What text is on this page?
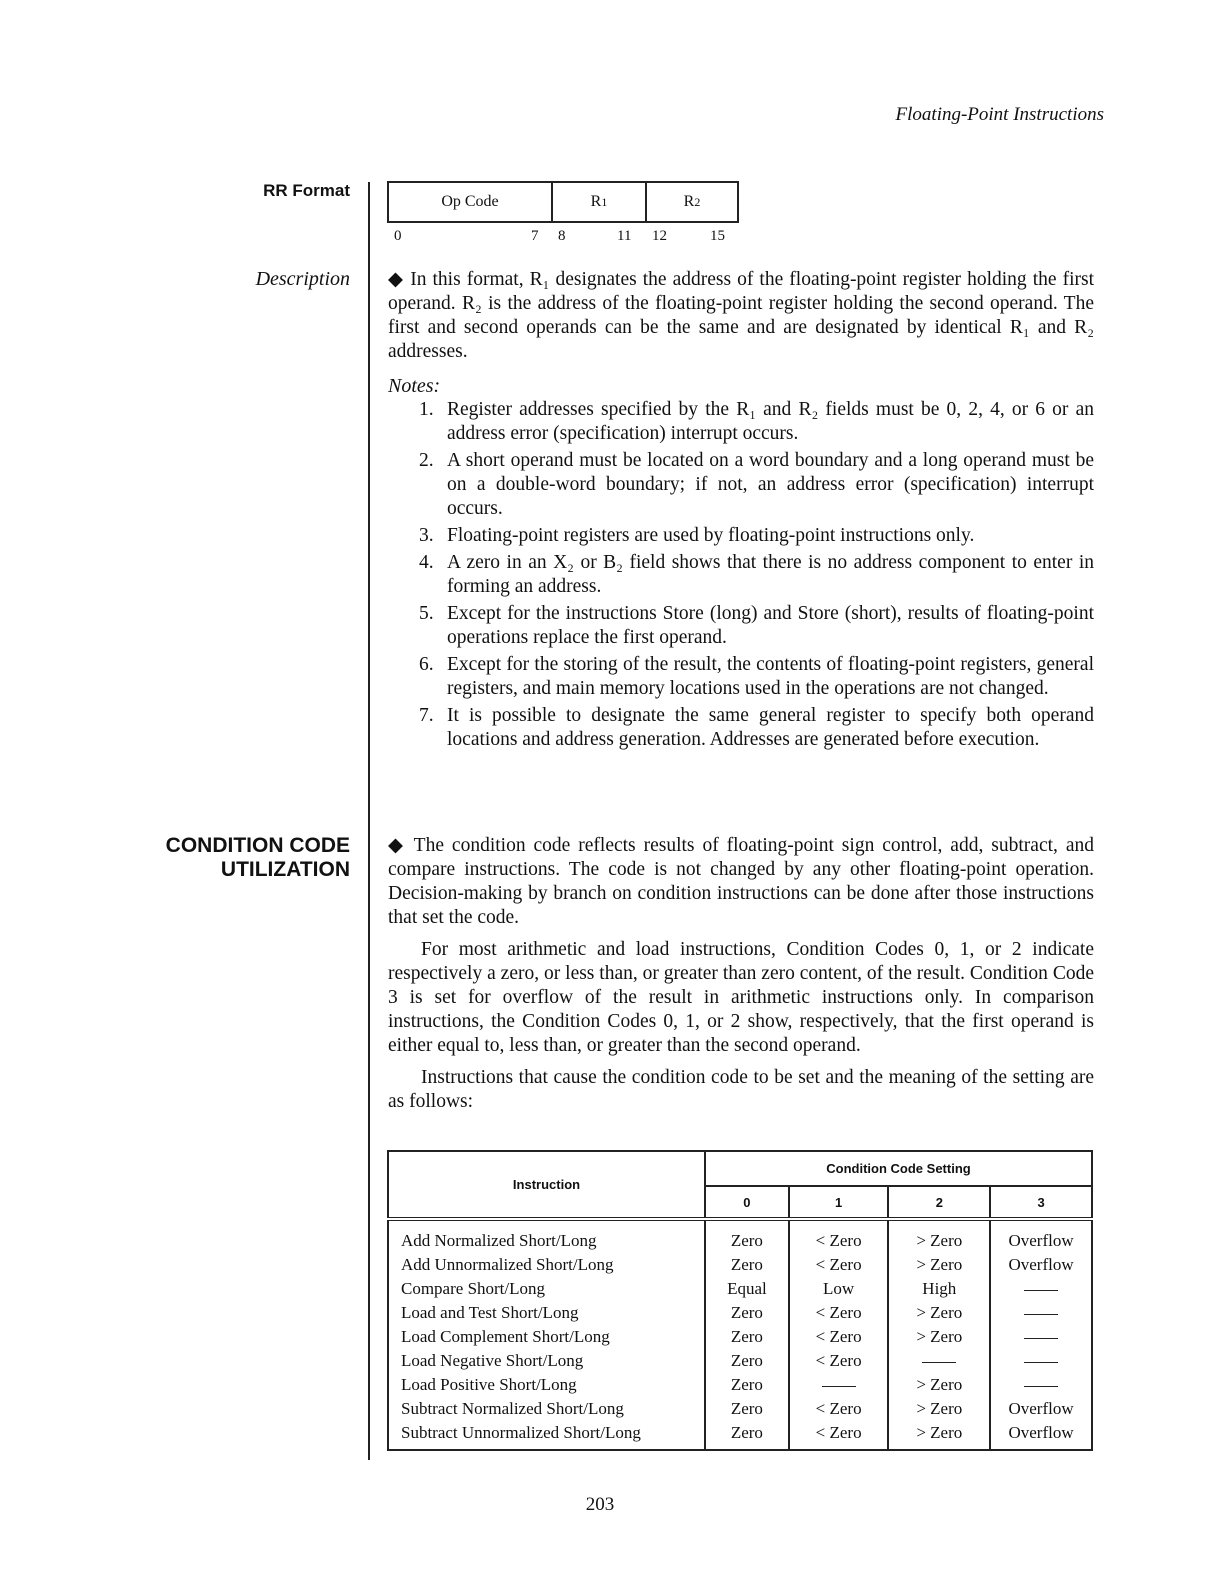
Floating-Point Instructions
RR Format
Description
CONDITION CODE
UTILIZATION
Op Code	R 1	R 2
0	7 8	11 12	15

◆ In this format, R₁ designates the address of the floating-point register holding the first operand. R₂ is the address of the floating-point register holding the second operand. The first and second operands can be the same and are designated by identical R₁ and R₂ addresses.

Notes:

1. Register addresses specified by the R₁ and R₂ fields must be 0, 2, 4, or 6 or an address error (specification) interrupt occurs.
2. A short operand must be located on a word boundary and a long operand must be on a double-word boundary; if not, an address error (specification) interrupt occurs.
3. Floating-point registers are used by floating-point instructions only.
4. A zero in an X₂ or B₂ field shows that there is no address component to enter in forming an address.
5. Except for the instructions Store (long) and Store (short), results of floating-point operations replace the first operand.
6. Except for the storing of the result, the contents of floating-point registers, general registers, and main memory locations used in the operations are not changed.
7. It is possible to designate the same general register to specify both operand locations and address generation. Addresses are generated before execution.

◆ The condition code reflects results of floating-point sign control, add, subtract, and compare instructions. The code is not changed by any other floating-point operation. Decision-making by branch on condition instructions can be done after those instructions that set the code.

For most arithmetic and load instructions, Condition Codes 0, 1, or 2 indicate respectively a zero, or less than, or greater than zero content, of the result. Condition Code 3 is set for overflow of the result in arithmetic instructions only. In comparison instructions, the Condition Codes 0, 1, or 2 show, respectively, that the first operand is either equal to, less than, or greater than the second operand.

Instructions that cause the condition code to be set and the meaning of the setting are as follows:

Instruction	Condition Code Setting			
	0	1	2	3
Add Normalized Short/Long	Zero	< Zero	> Zero	Overflow
Add Unnormalized Short/Long	Zero	< Zero	> Zero	Overflow
Compare Short/Long	Equal	Low	High	

Load and Test Short/Long	Zero	< Zero	> Zero	

Load Complement Short/Long	Zero	< Zero	> Zero	

Load Negative Short/Long	Zero	< Zero	

Load Positive Short/Long	Zero		> Zero	

Subtract Normalized Short/Long	Zero	< Zero	> Zero	Overflow
Subtract Unnormalized Short/Long	Zero	< Zero	> Zero	Overflow
203
